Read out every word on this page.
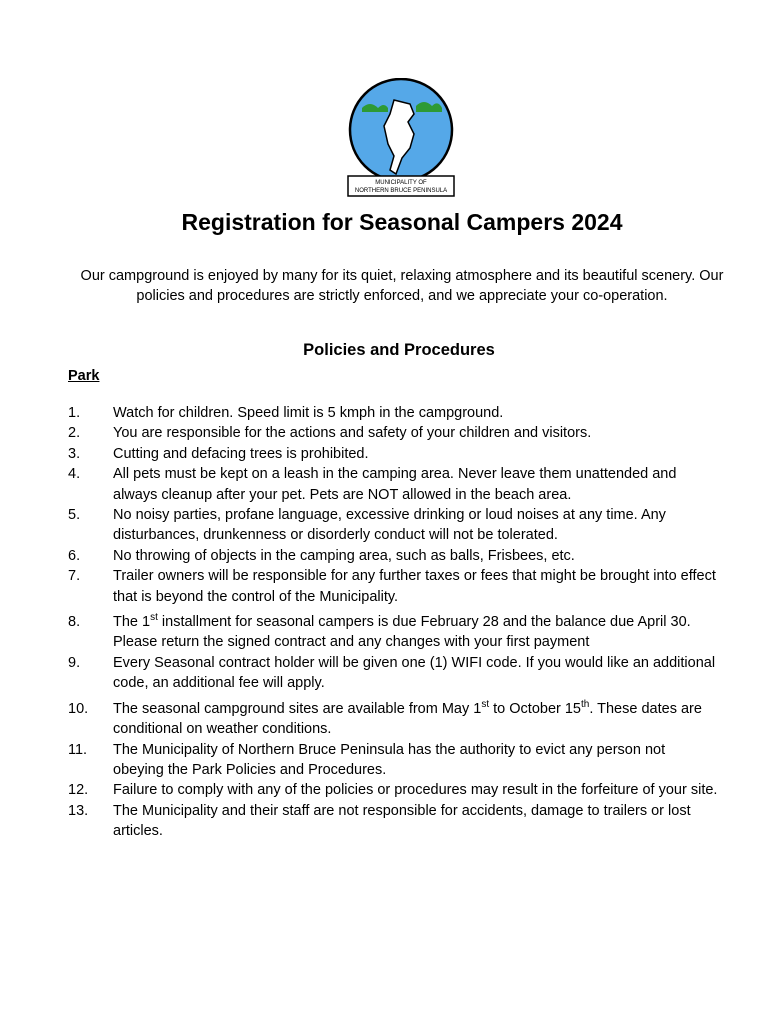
MUNICIPALITY OF
NORTHERN BRUCE PENINSULA
Registration for Seasonal Campers 2024

Our campground is enjoyed by many for its quiet, relaxing atmosphere and its beautiful scenery. Our policies and procedures are strictly enforced, and we appreciate your co-operation.

Policies and Procedures

Park

1. Watch for children. Speed limit is 5 kmph in the campground.
2. You are responsible for the actions and safety of your children and visitors.
3. Cutting and defacing trees is prohibited.
4. All pets must be kept on a leash in the camping area. Never leave them unattended and always cleanup after your pet. Pets are NOT allowed in the beach area.
5. No noisy parties, profane language, excessive drinking or loud noises at any time. Any disturbances, drunkenness or disorderly conduct will not be tolerated.
6. No throwing of objects in the camping area, such as balls, Frisbees, etc.
7. Trailer owners will be responsible for any further taxes or fees that might be brought into effect that is beyond the control of the Municipality.
8. The 1st installment for seasonal campers is due February 28 and the balance due April 30. Please return the signed contract and any changes with your first payment
9. Every Seasonal contract holder will be given one (1) WIFI code. If you would like an additional code, an additional fee will apply.
10. The seasonal campground sites are available from May 1st to October 15th. These dates are conditional on weather conditions.
11. The Municipality of Northern Bruce Peninsula has the authority to evict any person not obeying the Park Policies and Procedures.
12. Failure to comply with any of the policies or procedures may result in the forfeiture of your site.
13. The Municipality and their staff are not responsible for accidents, damage to trailers or lost articles.
